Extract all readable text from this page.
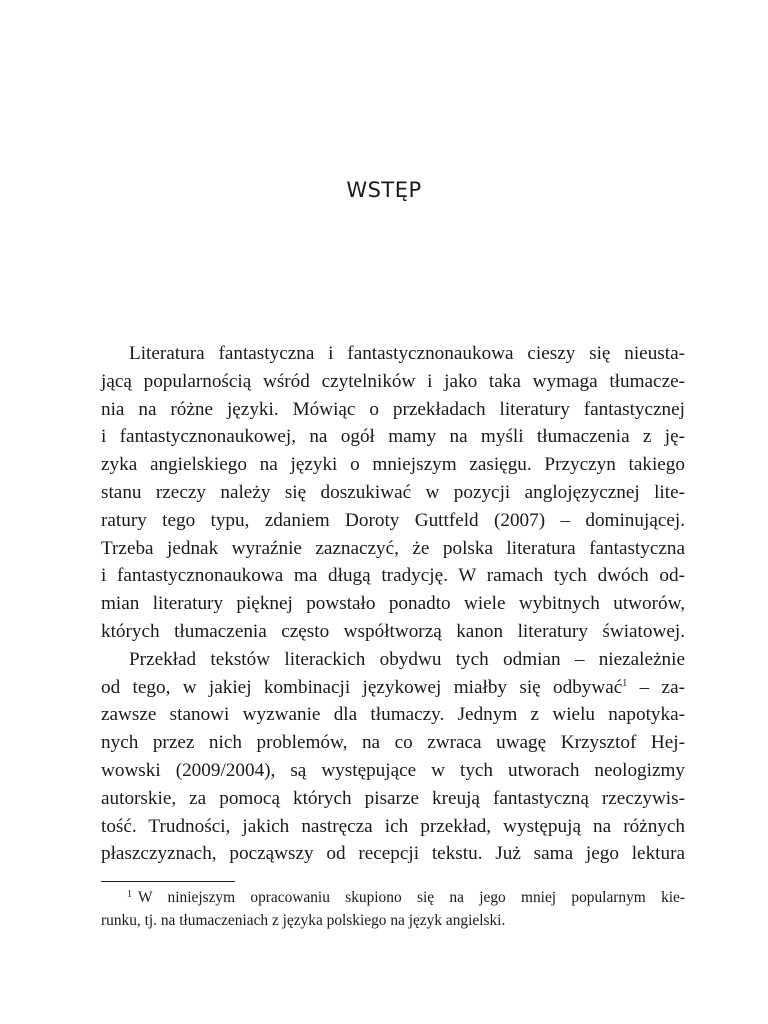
WSTĘP
Literatura fantastyczna i fantastycznonaukowa cieszy się nieusta-
jącą popularnością wśród czytelników i jako taka wymaga tłumacze-
nia na różne języki. Mówiąc o przekładach literatury fantastycznej
i fantastycznonaukowej, na ogół mamy na myśli tłumaczenia z ję-
zyka angielskiego na języki o mniejszym zasięgu. Przyczyn takiego
stanu rzeczy należy się doszukiwać w pozycji anglojęzycznej lite-
ratury tego typu, zdaniem Doroty Guttfeld (2007) – dominującej.
Trzeba jednak wyraźnie zaznaczyć, że polska literatura fantastyczna
i fantastycznonaukowa ma długą tradycję. W ramach tych dwóch od-
mian literatury pięknej powstało ponadto wiele wybitnych utworów,
których tłumaczenia często współtworzą kanon literatury światowej.
Przekład tekstów literackich obydwu tych odmian – niezależnie
od tego, w jakiej kombinacji językowej miałby się odbywać$^1$ – za-
zawsze stanowi wyzwanie dla tłumaczy. Jednym z wielu napotyka-
nych przez nich problemów, na co zwraca uwagę Krzysztof Hej-
wowski (2009/2004), są występujące w tych utworach neologizmy
autorskie, za pomocą których pisarze kreują fantastyczną rzeczywis-
tość. Trudności, jakich nastręcza ich przekład, występują na różnych
płaszczyznach, począwszy od recepcji tekstu. Już sama jego lektura
$^1$ W niniejszym opracowaniu skupiono się na jego mniej popularnym kie-
runku, tj. na tłumaczeniach z języka polskiego na język angielski.
